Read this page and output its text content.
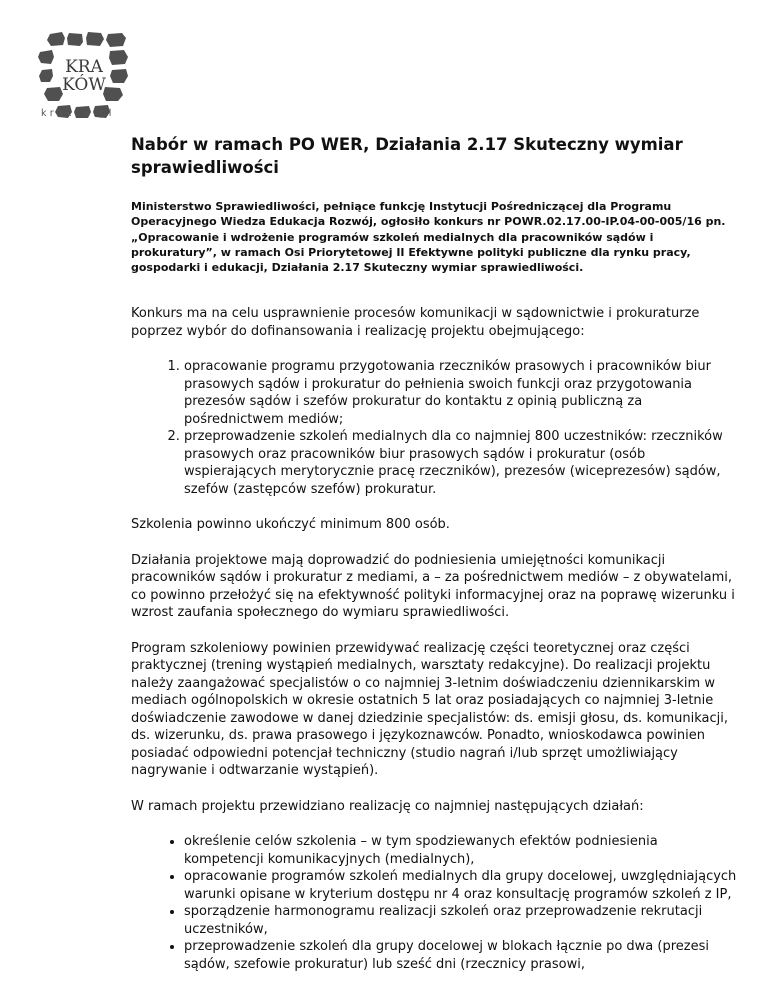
KRA
KÓW
krakow.pl
Nabór w ramach PO WER, Działania 2.17 Skuteczny wymiar sprawiedliwości

Ministerstwo Sprawiedliwości, pełniące funkcję Instytucji Pośredniczącej dla Programu Operacyjnego Wiedza Edukacja Rozwój, ogłosiło konkurs nr POWR.02.17.00-IP.04-00-005/16 pn. „Opracowanie i wdrożenie programów szkoleń medialnych dla pracowników sądów i prokuratury”, w ramach Osi Priorytetowej II Efektywne polityki publiczne dla rynku pracy, gospodarki i edukacji, Działania 2.17 Skuteczny wymiar sprawiedliwości.

Konkurs ma na celu usprawnienie procesów komunikacji w sądownictwie i prokuraturze poprzez wybór do dofinansowania i realizację projektu obejmującego:

1. opracowanie programu przygotowania rzeczników prasowych i pracowników biur prasowych sądów i prokuratur do pełnienia swoich funkcji oraz przygotowania prezesów sądów i szefów prokuratur do kontaktu z opinią publiczną za pośrednictwem mediów;
2. przeprowadzenie szkoleń medialnych dla co najmniej 800 uczestników: rzeczników prasowych oraz pracowników biur prasowych sądów i prokuratur (osób wspierających merytorycznie pracę rzeczników), prezesów (wiceprezesów) sądów, szefów (zastępców szefów) prokuratur.

Szkolenia powinno ukończyć minimum 800 osób.

Działania projektowe mają doprowadzić do podniesienia umiejętności komunikacji pracowników sądów i prokuratur z mediami, a – za pośrednictwem mediów – z obywatelami, co powinno przełożyć się na efektywność polityki informacyjnej oraz na poprawę wizerunku i wzrost zaufania społecznego do wymiaru sprawiedliwości.

Program szkoleniowy powinien przewidywać realizację części teoretycznej oraz części praktycznej (trening wystąpień medialnych, warsztaty redakcyjne). Do realizacji projektu należy zaangażować specjalistów o co najmniej 3-letnim doświadczeniu dziennikarskim w mediach ogólnopolskich w okresie ostatnich 5 lat oraz posiadających co najmniej 3-letnie doświadczenie zawodowe w danej dziedzinie specjalistów: ds. emisji głosu, ds. komunikacji, ds. wizerunku, ds. prawa prasowego i językoznawców. Ponadto, wnioskodawca powinien posiadać odpowiedni potencjał techniczny (studio nagrań i/lub sprzęt umożliwiający nagrywanie i odtwarzanie wystąpień).

W ramach projektu przewidziano realizację co najmniej następujących działań:

• określenie celów szkolenia – w tym spodziewanych efektów podniesienia kompetencji komunikacyjnych (medialnych),
• opracowanie programów szkoleń medialnych dla grupy docelowej, uwzględniających warunki opisane w kryterium dostępu nr 4 oraz konsultację programów szkoleń z IP,
• sporządzenie harmonogramu realizacji szkoleń oraz przeprowadzenie rekrutacji uczestników,
• przeprowadzenie szkoleń dla grupy docelowej w blokach łącznie po dwa (prezesi sądów, szefowie prokuratur) lub sześć dni (rzecznicy prasowi,
